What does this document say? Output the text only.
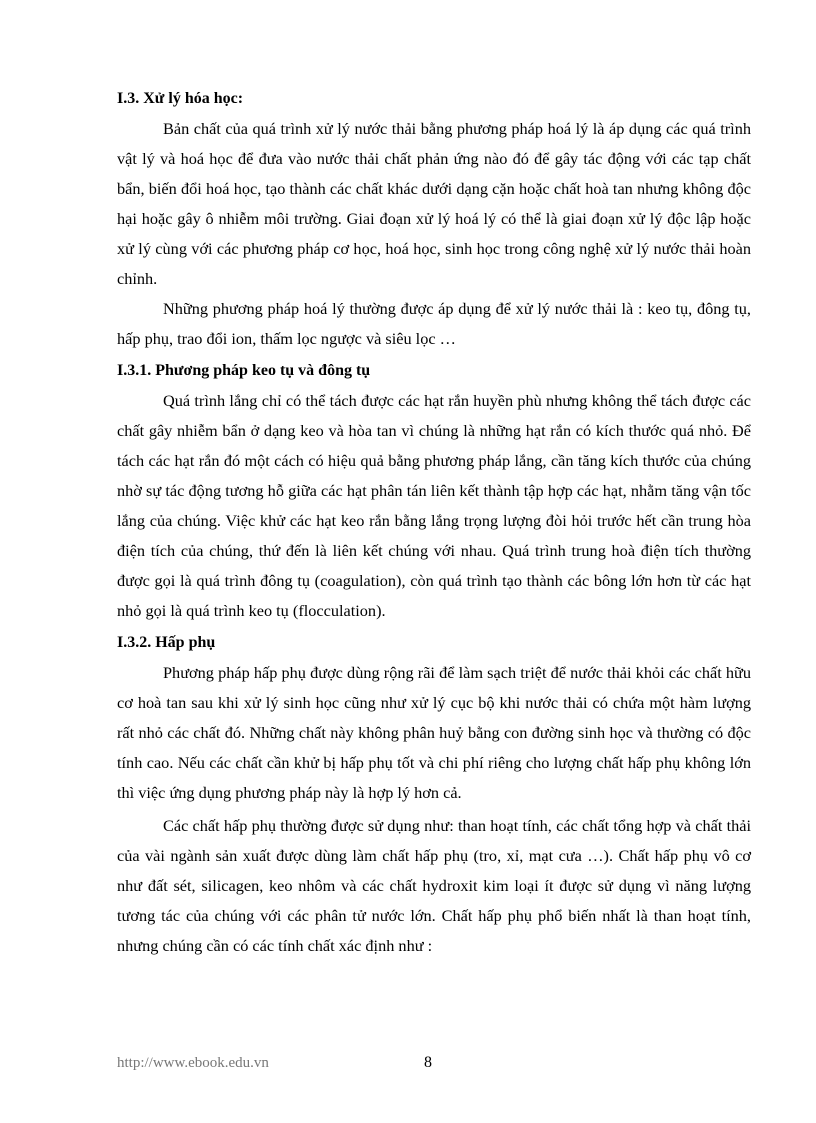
I.3. Xử lý hóa học:

Bản chất của quá trình xử lý nước thải bằng phương pháp hoá lý là áp dụng các quá trình vật lý và hoá học để đưa vào nước thải chất phản ứng nào đó để gây tác động với các tạp chất bẩn, biến đổi hoá học, tạo thành các chất khác dưới dạng cặn hoặc chất hoà tan nhưng không độc hại hoặc gây ô nhiễm môi trường. Giai đoạn xử lý hoá lý có thể là giai đoạn xử lý độc lập hoặc xử lý cùng với các phương pháp cơ học, hoá học, sinh học trong công nghệ xử lý nước thải hoàn chỉnh.

Những phương pháp hoá lý thường được áp dụng để xử lý nước thải là : keo tụ, đông tụ, hấp phụ, trao đổi ion, thấm lọc ngược và siêu lọc …

I.3.1. Phương pháp keo tụ và đông tụ

Quá trình lắng chỉ có thể tách được các hạt rắn huyền phù nhưng không thể tách được các chất gây nhiễm bẩn ở dạng keo và hòa tan vì chúng là những hạt rắn có kích thước quá nhỏ. Để tách các hạt rắn đó một cách có hiệu quả bằng phương pháp lắng, cần tăng kích thước của chúng nhờ sự tác động tương hỗ giữa các hạt phân tán liên kết thành tập hợp các hạt, nhằm tăng vận tốc lắng của chúng. Việc khử các hạt keo rắn bằng lắng trọng lượng đòi hỏi trước hết cần trung hòa điện tích của chúng, thứ đến là liên kết chúng với nhau. Quá trình trung hoà điện tích thường được gọi là quá trình đông tụ (coagulation), còn quá trình tạo thành các bông lớn hơn từ các hạt nhỏ gọi là quá trình keo tụ (flocculation).

I.3.2. Hấp phụ

Phương pháp hấp phụ được dùng rộng rãi để làm sạch triệt để nước thải khỏi các chất hữu cơ hoà tan sau khi xử lý sinh học cũng như xử lý cục bộ khi nước thải có chứa một hàm lượng rất nhỏ các chất đó. Những chất này không phân huỷ bằng con đường sinh học và thường có độc tính cao. Nếu các chất cần khử bị hấp phụ tốt và chi phí riêng cho lượng chất hấp phụ không lớn thì việc ứng dụng phương pháp này là hợp lý hơn cả.

Các chất hấp phụ thường được sử dụng như: than hoạt tính, các chất tổng hợp và chất thải của vài ngành sản xuất được dùng làm chất hấp phụ (tro, xỉ, mạt cưa …). Chất hấp phụ vô cơ như đất sét, silicagen, keo nhôm và các chất hydroxit kim loại ít được sử dụng vì năng lượng tương tác của chúng với các phân tử nước lớn. Chất hấp phụ phổ biến nhất là than hoạt tính, nhưng chúng cần có các tính chất xác định như :

http://www.ebook.edu.vn	8
